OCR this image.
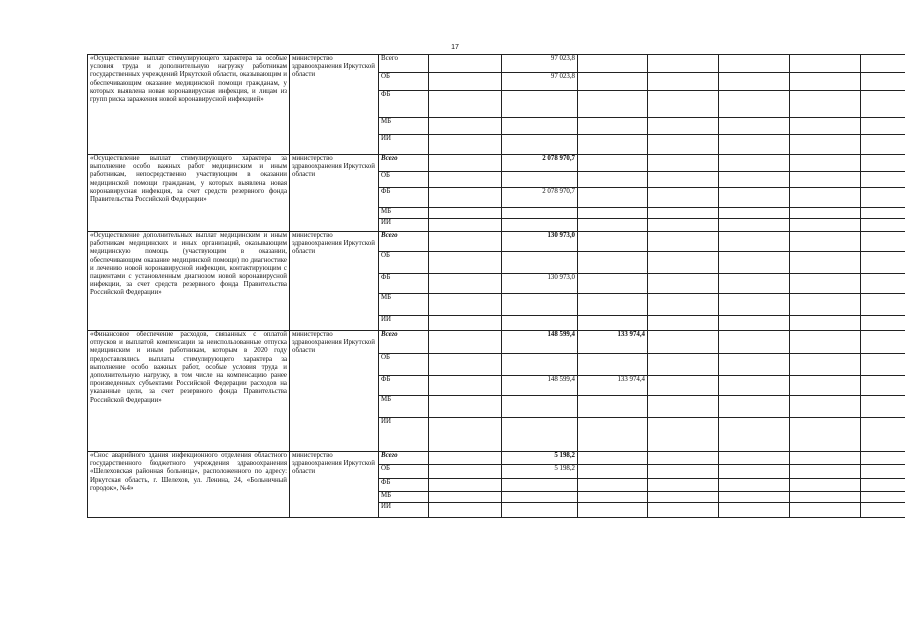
17
«Осуществление выплат стимулирующего характера за особые условия труда и дополнительную нагрузку работникам государственных учреждений Иркутской области, оказывающим и обеспечивающим оказание медицинской помощи гражданам, у которых выявлена новая коронавирусная инфекция, и лицам из групп риска заражения новой коронавирусной инфекцией»	министерство здравоохранения Иркутской области	Всего		97 023,8					
		ОБ		97 023,8					
		ФБ							
		МБ							
		ИИ							
«Осуществление выплат стимулирующего характера за выполнение особо важных работ медицинским и иным работникам, непосредственно участвующим в оказании медицинской помощи гражданам, у которых выявлена новая коронавирусная инфекция, за счет средств резервного фонда Правительства Российской Федерации»	министерство здравоохранения Иркутской области	Всего		2 078 970,7					
		ОБ							
		ФБ		2 078 970,7					
		МБ							
		ИИ							
«Осуществление дополнительных выплат медицинским и иным работникам медицинских и иных организаций, оказывающим медицинскую помощь (участвующим в оказании, обеспечивающим оказание медицинской помощи) по диагностике и лечению новой коронавирусной инфекции, контактирующим с пациентами с установленным диагнозом новой коронавирусной инфекции, за счет средств резервного фонда Правительства Российской Федерации»	министерство здравоохранения Иркутской области	Всего		130 973,0					
		ОБ							
		ФБ		130 973,0					
		МБ							
		ИИ							
«Финансовое обеспечение расходов, связанных с оплатой отпусков и выплатой компенсации за неиспользованные отпуска медицинским и иным работникам, которым в 2020 году предоставлялись выплаты стимулирующего характера за выполнение особо важных работ, особые условия труда и дополнительную нагрузку, в том числе на компенсацию ранее произведенных субъектами Российской Федерации расходов на указанные цели, за счет резервного фонда Правительства Российской Федерации»	министерство здравоохранения Иркутской области	Всего		148 599,4	133 974,4				
		ОБ							
		ФБ		148 599,4	133 974,4				
		МБ							
		ИИ							
«Снос аварийного здания инфекционного отделения областного государственного бюджетного учреждения здравоохранения «Шелеховская районная больница», расположенного по адресу: Иркутская область, г. Шелехов, ул. Ленина, 24, «Больничный городок», №4»	министерство здравоохранения Иркутской области	Всего		5 198,2					
		ОБ		5 198,2					
		ФБ							
		МБ							
		ИИ							
